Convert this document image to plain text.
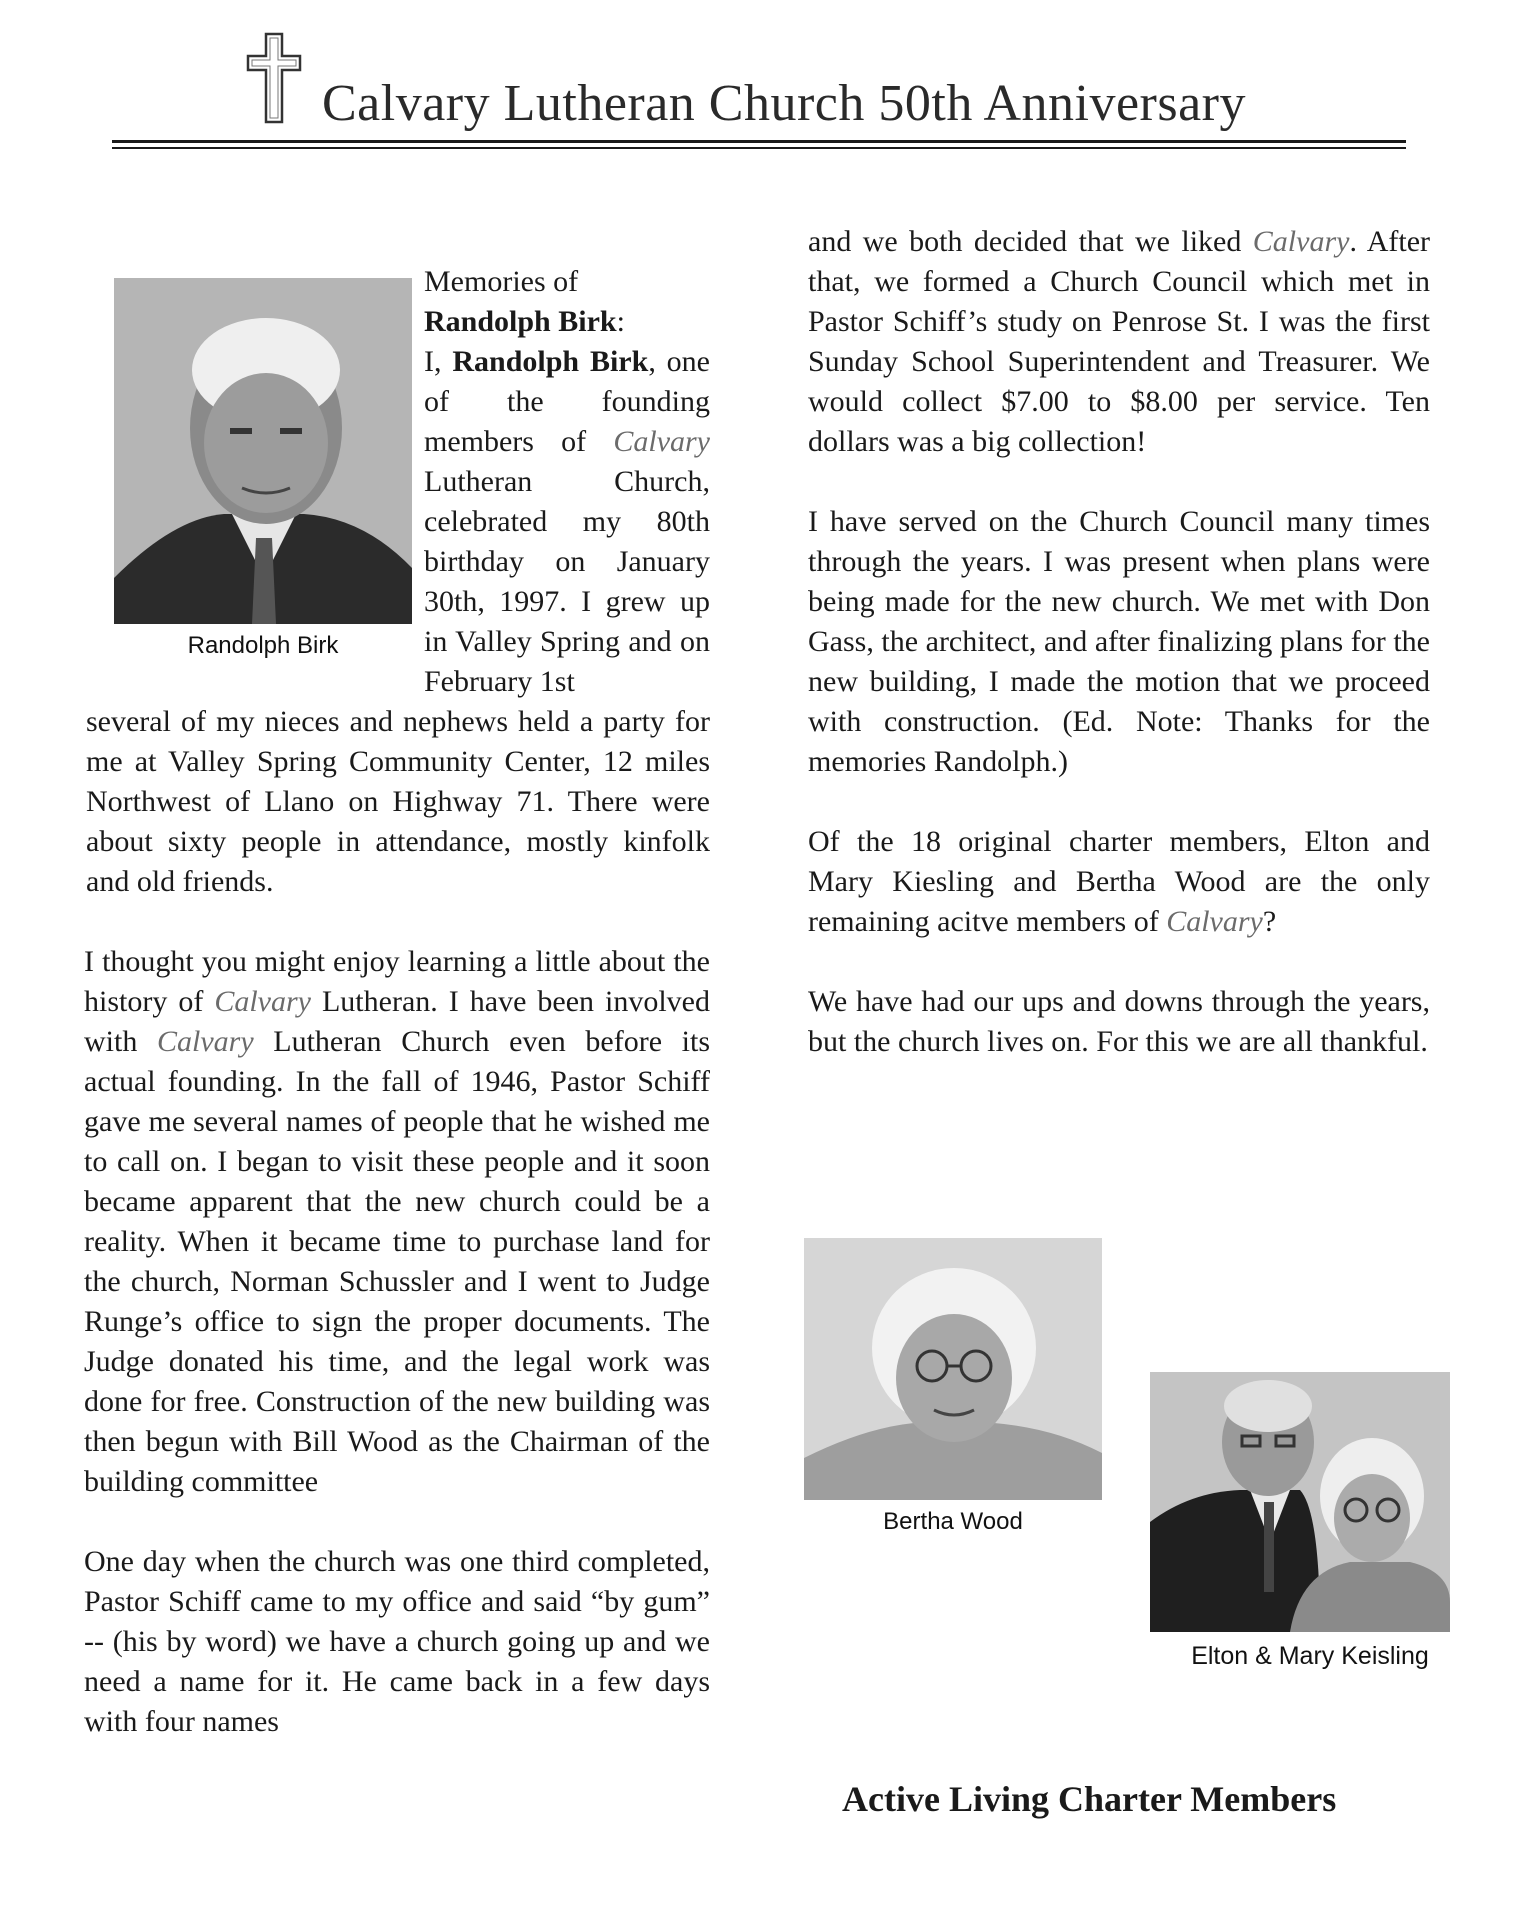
Calvary Lutheran Church 50th Anniversary
Randolph Birk

Memories of
Randolph Birk:
I, Randolph Birk, one of the founding members of Calvary Lutheran Church, celebrated my 80th birthday on January 30th, 1997. I grew up in Valley Spring and on February 1st

several of my nieces and nephews held a party for me at Valley Spring Community Center, 12 miles Northwest of Llano on Highway 71. There were about sixty people in attendance, mostly kinfolk and old friends.

I thought you might enjoy learning a little about the history of Calvary Lutheran. I have been involved with Calvary Lutheran Church even before its actual founding. In the fall of 1946, Pastor Schiff gave me several names of people that he wished me to call on. I began to visit these people and it soon became apparent that the new church could be a reality. When it became time to purchase land for the church, Norman Schussler and I went to Judge Runge’s office to sign the proper documents. The Judge donated his time, and the legal work was done for free. Construction of the new building was then begun with Bill Wood as the Chairman of the building committee

One day when the church was one third completed, Pastor Schiff came to my office and said “by gum” -- (his by word) we have a church going up and we need a name for it. He came back in a few days with four names

and we both decided that we liked Calvary. After that, we formed a Church Council which met in Pastor Schiff’s study on Penrose St. I was the first Sunday School Superintendent and Treasurer. We would collect $7.00 to $8.00 per service. Ten dollars was a big collection!

I have served on the Church Council many times through the years. I was present when plans were being made for the new church. We met with Don Gass, the architect, and after finalizing plans for the new building, I made the motion that we proceed with construction. (Ed. Note: Thanks for the memories Randolph.)

Of the 18 original charter members, Elton and Mary Kiesling and Bertha Wood are the only remaining acitve members of Calvary?

We have had our ups and downs through the years, but the church lives on. For this we are all thankful.

Bertha Wood
Elton & Mary Keisling
Active Living Charter Members
